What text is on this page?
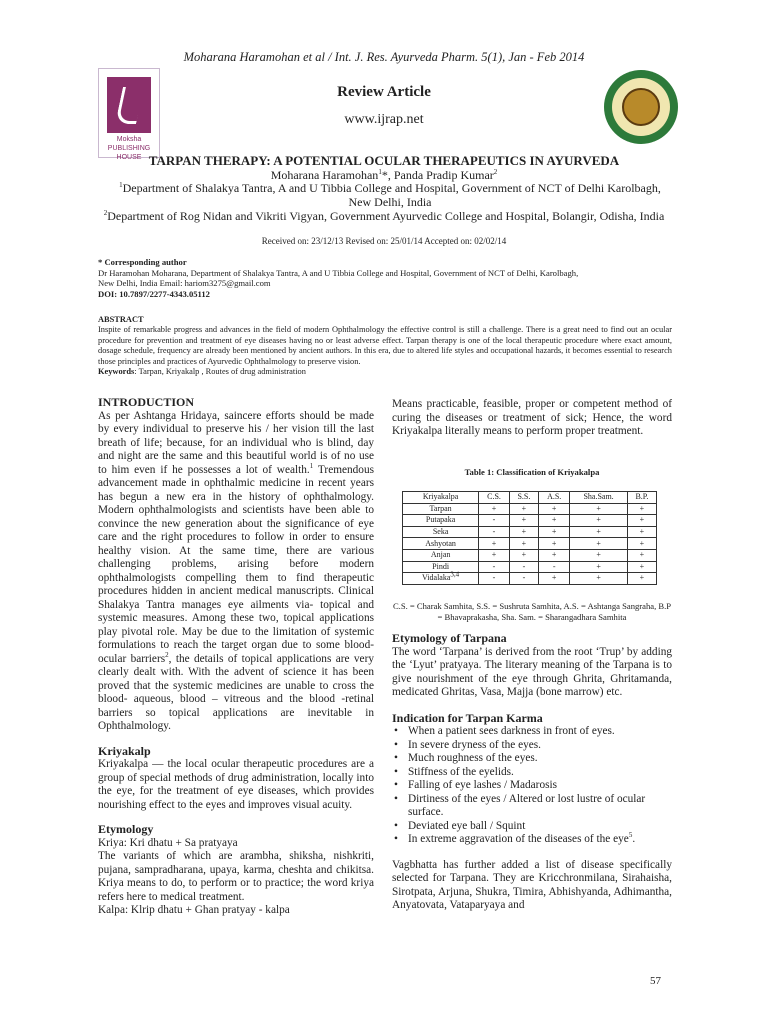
Moharana Haramohan et al / Int. J. Res. Ayurveda Pharm. 5(1), Jan - Feb 2014
Moksha PUBLISHING HOUSE
Review Article
www.ijrap.net
TARPAN THERAPY: A POTENTIAL OCULAR THERAPEUTICS IN AYURVEDA
Moharana Haramohan$^1$*, Panda Pradip Kumar$^2$
$^1$Department of Shalakya Tantra, A and U Tibbia College and Hospital, Government of NCT of Delhi Karolbagh,
New Delhi, India
$^2$Department of Rog Nidan and Vikriti Vigyan, Government Ayurvedic College and Hospital, Bolangir, Odisha, India
Received on: 23/12/13 Revised on: 25/01/14 Accepted on: 02/02/14
* Corresponding author
Dr Haramohan Moharana, Department of Shalakya Tantra, A and U Tibbia College and Hospital, Government of NCT of Delhi, Karolbagh,
New Delhi, India Email: hariom3275@gmail.com
DOI: 10.7897/2277-4343.05112
ABSTRACT
Inspite of remarkable progress and advances in the field of modern Ophthalmology the effective control is still a challenge. There is a great need to find out an ocular procedure for prevention and treatment of eye diseases having no or least adverse effect. Tarpan therapy is one of the local therapeutic procedure where exact amount, dosage schedule, frequency are already been mentioned by ancient authors. In this era, due to altered life styles and occupational hazards, it becomes essential to research those principles and practices of Ayurvedic Ophthalmology to preserve vision.
Keywords: Tarpan, Kriyakalp , Routes of drug administration
INTRODUCTION
As per Ashtanga Hridaya, saincere efforts should be made by every individual to preserve his / her vision till the last breath of life; because, for an individual who is blind, day and night are the same and this beautiful world is of no use to him even if he possesses a lot of wealth.$^1$ Tremendous advancement made in ophthalmic medicine in recent years has begun a new era in the history of ophthalmology. Modern ophthalmologists and scientists have been able to convince the new generation about the significance of eye care and the right procedures to follow in order to ensure healthy vision. At the same time, there are various challenging problems, arising before modern ophthalmologists compelling them to find therapeutic procedures hidden in ancient medical manuscripts. Clinical Shalakya Tantra manages eye ailments via- topical and systemic measures. Among these two, topical applications play pivotal role. May be due to the limitation of systemic formulations to reach the target organ due to some blood- ocular barriers$^2$, the details of topical applications are very clearly dealt with. With the advent of science it has been proved that the systemic medicines are unable to cross the blood- aqueous, blood – vitreous and the blood -retinal barriers so topical applications are inevitable in Ophthalmology.
Kriyakalp
Kriyakalpa — the local ocular therapeutic procedures are a group of special methods of drug administration, locally into the eye, for the treatment of eye diseases, which provides nourishing effect to the eyes and improves visual acuity.
Etymology
Kriya: Kri dhatu + Sa pratyaya
The variants of which are arambha, shiksha, nishkriti, pujana, sampradharana, upaya, karma, cheshta and chikitsa. Kriya means to do, to perform or to practice; the word kriya refers here to medical treatment.
Kalpa: Klrip dhatu + Ghan pratyay - kalpa
Means practicable, feasible, proper or competent method of curing the diseases or treatment of sick; Hence, the word Kriyakalpa literally means to perform proper treatment.
Table 1: Classification of Kriyakalpa
Kriyakalpa	C.S.	S.S.	A.S.	Sha.Sam.	B.P.
Tarpan	+	+	+	+	+
Putapaka	-	+	+	+	+
Seka	-	+	+	+	+
Ashyotan	+	+	+	+	+
Anjan	+	+	+	+	+
Pindi	-	-	-	+	+
Vidalaka$^{3,4}$	-	-	+	+	+
C.S. = Charak Samhita, S.S. = Sushruta Samhita, A.S. = Ashtanga Sangraha, B.P = Bhavaprakasha, Sha. Sam. = Sharangadhara Samhita
Etymology of Tarpana
The word ‘Tarpana’ is derived from the root ‘Trup’ by adding the ‘Lyut’ pratyaya. The literary meaning of the Tarpana is to give nourishment of the eye through Ghrita, Ghritamanda, medicated Ghritas, Vasa, Majja (bone marrow) etc.
Indication for Tarpan Karma
• When a patient sees darkness in front of eyes.
• In severe dryness of the eyes.
• Much roughness of the eyes.
• Stiffness of the eyelids.
• Falling of eye lashes / Madarosis
• Dirtiness of the eyes / Altered or lost lustre of ocular surface.
• Deviated eye ball / Squint
• In extreme aggravation of the diseases of the eye$^5$.
Vagbhatta has further added a list of disease specifically selected for Tarpana. They are Kricchronmilana, Sirahaisha, Sirotpata, Arjuna, Shukra, Timira, Abhishyanda, Adhimantha, Anyatovata, Vataparyaya and
57
